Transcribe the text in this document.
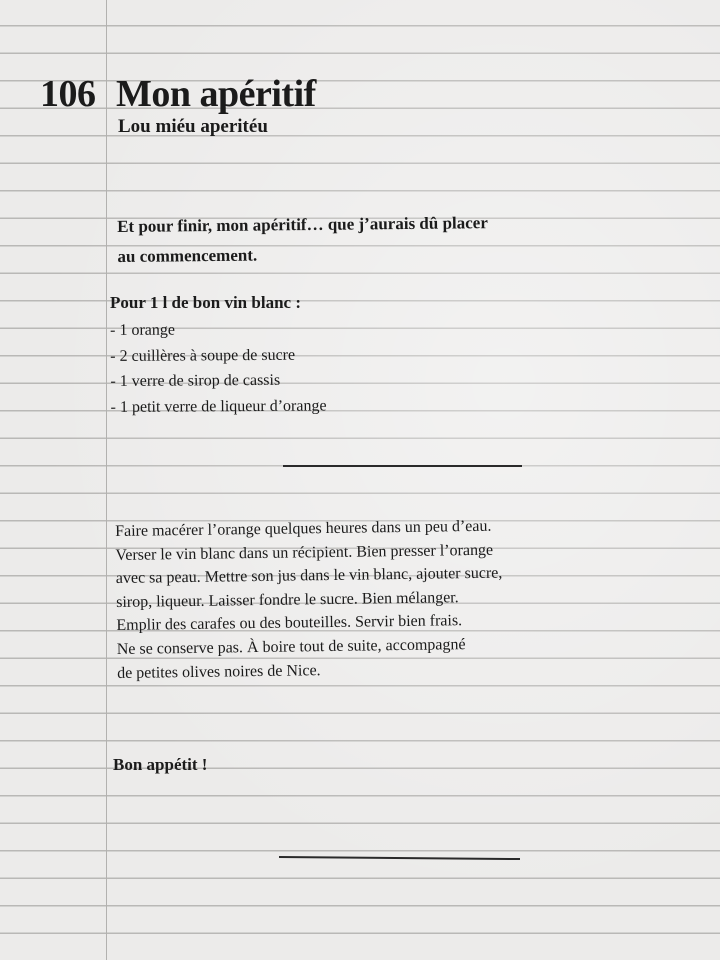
106 Mon apéritif
Lou miéu aperitéu
Et pour finir, mon apéritif… que j’aurais dû placer
au commencement.
Pour 1 l de bon vin blanc :
- 1 orange
- 2 cuillères à soupe de sucre
- 1 verre de sirop de cassis
- 1 petit verre de liqueur d’orange

Faire macérer l’orange quelques heures dans un peu d’eau.
Verser le vin blanc dans un récipient. Bien presser l’orange
avec sa peau. Mettre son jus dans le vin blanc, ajouter sucre,
sirop, liqueur. Laisser fondre le sucre. Bien mélanger.
Emplir des carafes ou des bouteilles. Servir bien frais.
Ne se conserve pas. À boire tout de suite, accompagné
de petites olives noires de Nice.

Bon appétit !
